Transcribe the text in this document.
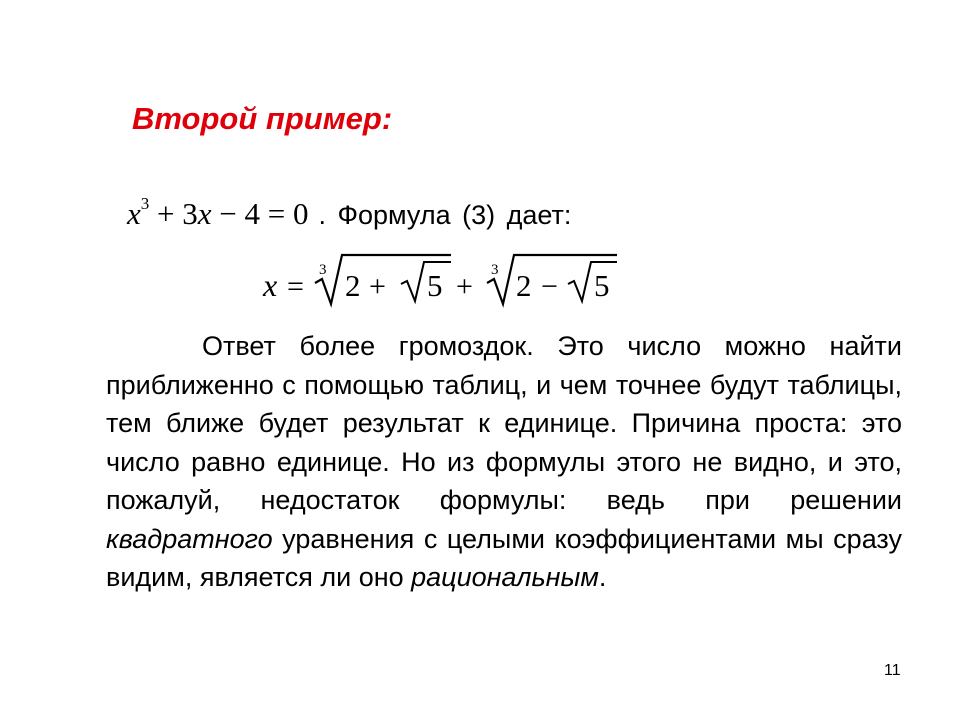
Второй пример:
$x^3 + 3x - 4 = 0$ . Формула (3) дает:
x = 3 2 + 5 + 3 2 − 5
Ответ более громоздок. Это число можно найти приближенно с помощью таблиц, и чем точнее будут таблицы, тем ближе будет результат к единице. Причина проста: это число равно единице. Но из формулы этого не видно, и это, пожалуй, недостаток формулы: ведь при решении квадратного уравнения с целыми коэффициентами мы сразу видим, является ли оно рациональным.
11
